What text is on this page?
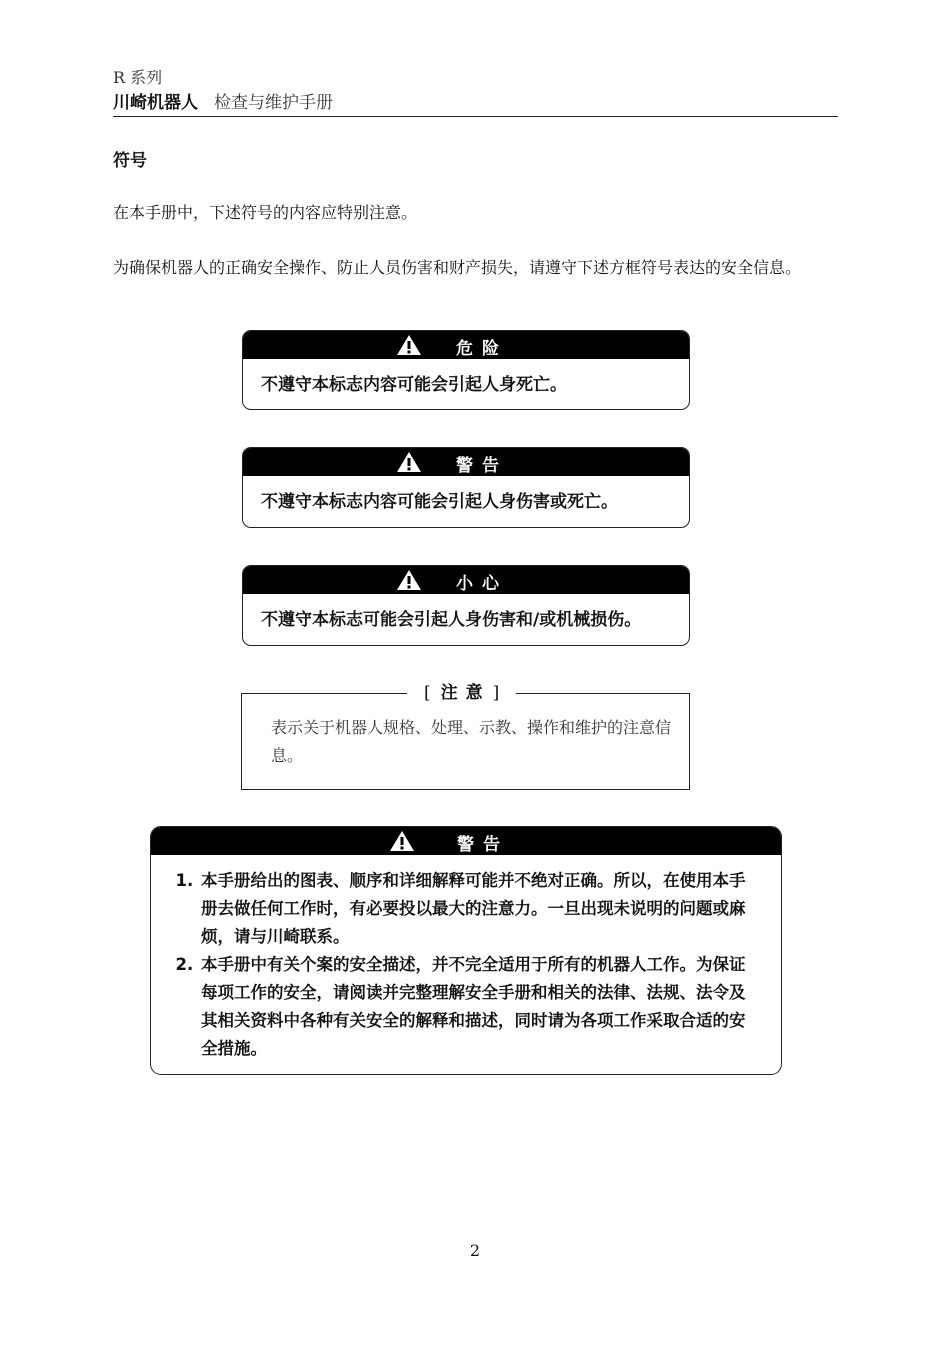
R 系列
川崎机器人 检查与维护手册
符号
在本手册中，下述符号的内容应特别注意。
为确保机器人的正确安全操作、防止人员伤害和财产损失，请遵守下述方框符号表达的安全信息。
危险
不遵守本标志内容可能会引起人身死亡。
警告
不遵守本标志内容可能会引起人身伤害或死亡。
小心
不遵守本标志可能会引起人身伤害和/或机械损伤。
[ 注意 ]
表示关于机器人规格、处理、示教、操作和维护的注意信息。
警告
1. 本手册给出的图表、顺序和详细解释可能并不绝对正确。所以，在使用本手册去做任何工作时，有必要投以最大的注意力。一旦出现未说明的问题或麻烦，请与川崎联系。
2. 本手册中有关个案的安全描述，并不完全适用于所有的机器人工作。为保证每项工作的安全，请阅读并完整理解安全手册和相关的法律、法规、法令及其相关资料中各种有关安全的解释和描述，同时请为各项工作采取合适的安全措施。
2
